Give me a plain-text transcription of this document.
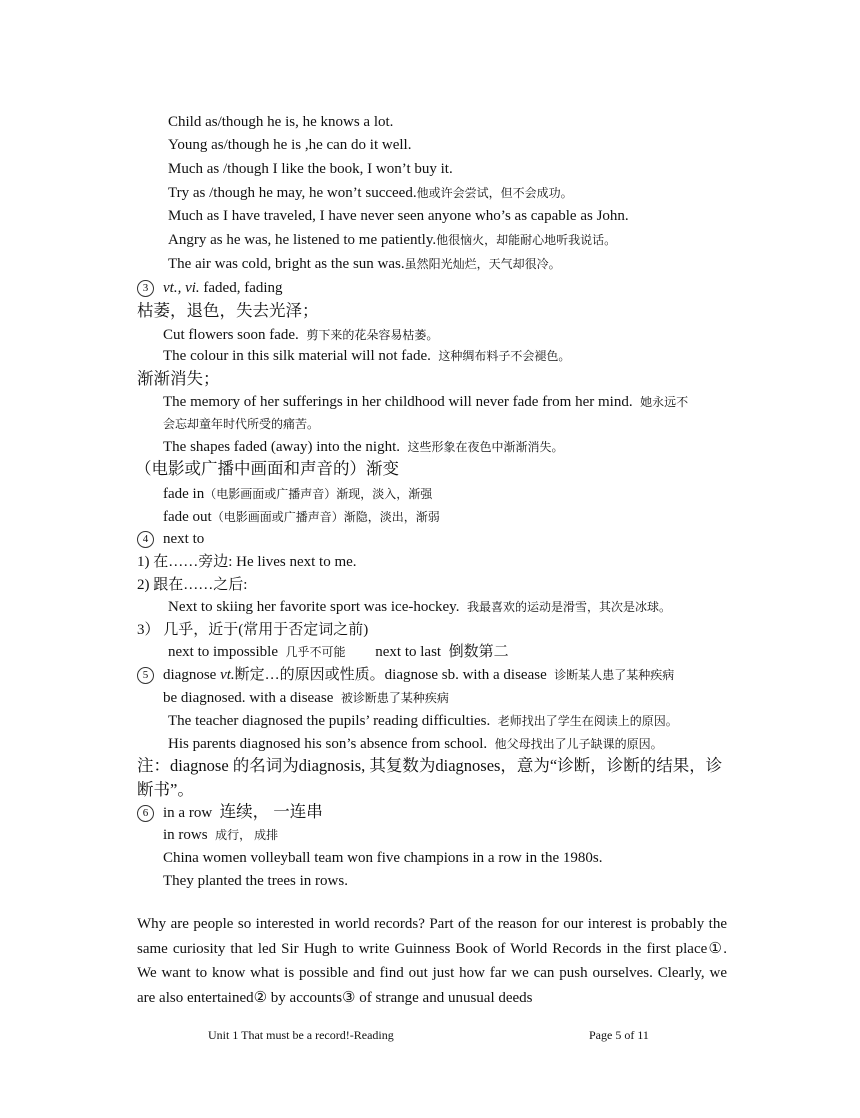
Child as/though he is, he knows a lot.
Young as/though he is ,he can do it well.
Much as /though I like the book, I won’t buy it.
Try as /though he may, he won’t succeed.他或许会尝试，但不会成功。
Much as I have traveled, I have never seen anyone who’s as capable as John.
Angry as he was, he listened to me patiently.他很恼火，却能耐心地听我说话。
The air was cold, bright as the sun was.虽然阳光灿烂，天气却很冷。
3 vt., vi. faded, fading
枯萎，退色，失去光泽；
Cut flowers soon fade. 剪下来的花朵容易枯萎。
The colour in this silk material will not fade. 这种绸布料子不会褪色。
渐渐消失；
The memory of her sufferings in her childhood will never fade from her mind. 她永远不
会忘却童年时代所受的痛苦。
The shapes faded (away) into the night. 这些形象在夜色中渐渐消失。
（电影或广播中画面和声音的）渐变
fade in（电影画面或广播声音）渐现，淡入，渐强
fade out（电影画面或广播声音）渐隐，淡出，渐弱
4 next to
1) 在……旁边: He lives next to me.
2) 跟在……之后:
Next to skiing her favorite sport was ice-hockey. 我最喜欢的运动是滑雪，其次是冰球。
3） 几乎，近于(常用于否定词之前)
next to impossible 几乎不可能 next to last 倒数第二
5 diagnose vt.断定…的原因或性质。diagnose sb. with a disease 诊断某人患了某种疾病
be diagnosed. with a disease 被诊断患了某种疾病
The teacher diagnosed the pupils’ reading difficulties. 老师找出了学生在阅读上的原因。
His parents diagnosed his son’s absence from school. 他父母找出了儿子缺课的原因。
注：diagnose 的名词为diagnosis, 其复数为diagnoses，意为“诊断，诊断的结果，诊
断书”。
6 in a row 连续， 一连串
in rows 成行， 成排
China women volleyball team won five champions in a row in the 1980s.
They planted the trees in rows.
Why are people so interested in world records? Part of the reason for our interest is probably the same curiosity that led Sir Hugh to write Guinness Book of World Records in the first place①. We want to know what is possible and find out just how far we can push ourselves. Clearly, we are also entertained② by accounts③ of strange and unusual deeds
Unit 1 That must be a record!-Reading	Page 5 of 11
